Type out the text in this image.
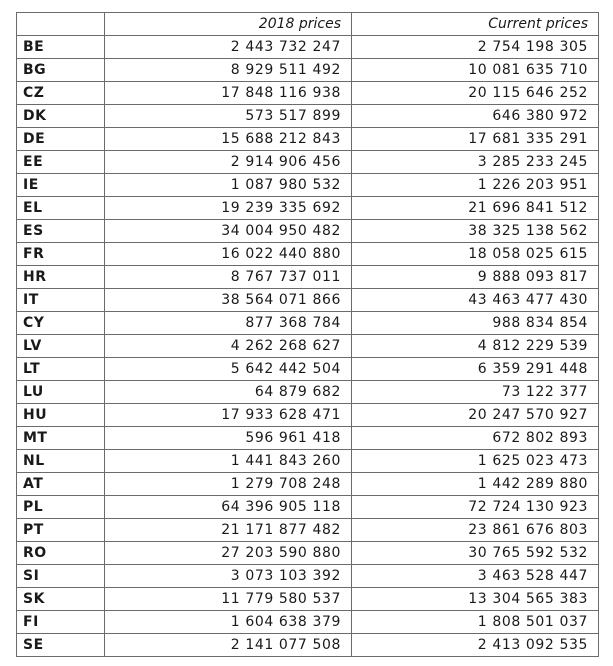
	2018 prices	Current prices
BE	2 443 732 247	2 754 198 305
BG	8 929 511 492	10 081 635 710
CZ	17 848 116 938	20 115 646 252
DK	573 517 899	646 380 972
DE	15 688 212 843	17 681 335 291
EE	2 914 906 456	3 285 233 245
IE	1 087 980 532	1 226 203 951
EL	19 239 335 692	21 696 841 512
ES	34 004 950 482	38 325 138 562
FR	16 022 440 880	18 058 025 615
HR	8 767 737 011	9 888 093 817
IT	38 564 071 866	43 463 477 430
CY	877 368 784	988 834 854
LV	4 262 268 627	4 812 229 539
LT	5 642 442 504	6 359 291 448
LU	64 879 682	73 122 377
HU	17 933 628 471	20 247 570 927
MT	596 961 418	672 802 893
NL	1 441 843 260	1 625 023 473
AT	1 279 708 248	1 442 289 880
PL	64 396 905 118	72 724 130 923
PT	21 171 877 482	23 861 676 803
RO	27 203 590 880	30 765 592 532
SI	3 073 103 392	3 463 528 447
SK	11 779 580 537	13 304 565 383
FI	1 604 638 379	1 808 501 037
SE	2 141 077 508	2 413 092 535
